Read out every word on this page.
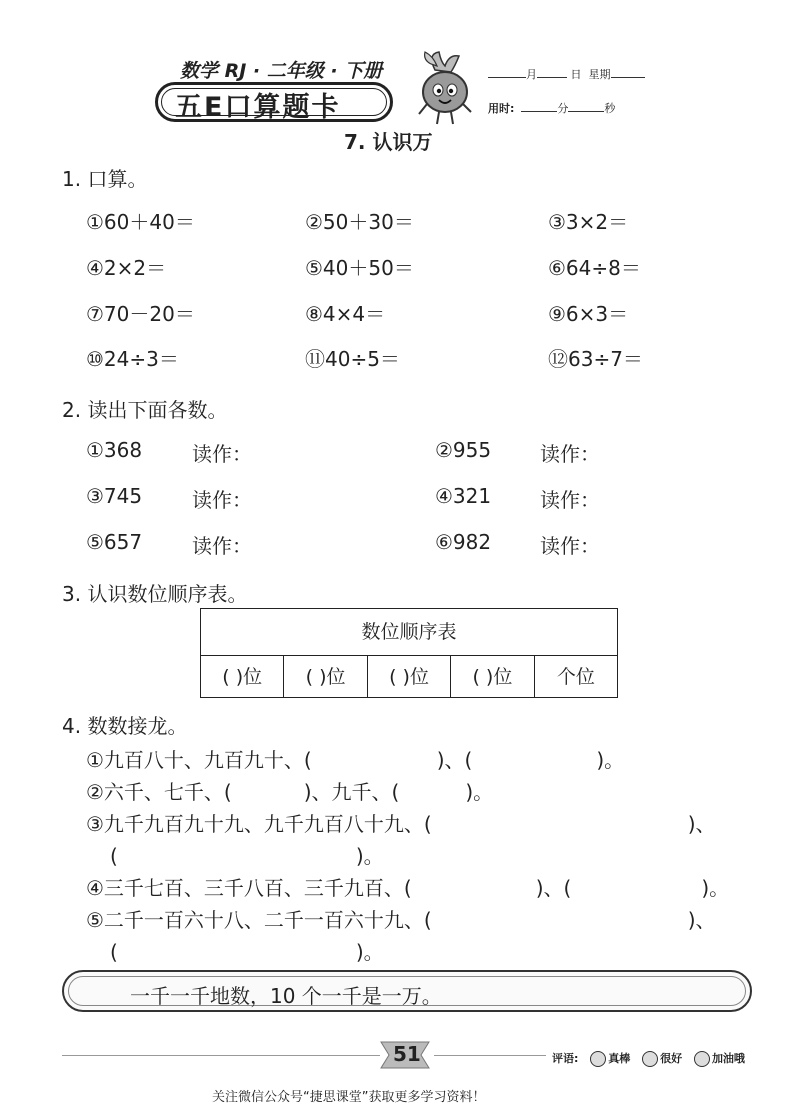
数学 RJ · 二年级 · 下册
五E口算题卡
月	日 星期
用时:	分	秒
7. 认识万
1. 口算。
①60＋40＝	②50＋30＝	③3×2＝
④2×2＝	⑤40＋50＝	⑥64÷8＝
⑦70－20＝	⑧4×4＝	⑨6×3＝
⑩24÷3＝	⑪40÷5＝	⑫63÷7＝
2. 读出下面各数。
①368 读作：	②955 读作：
③745 读作：	④321 读作：
⑤657 读作：	⑥982 读作：
3. 认识数位顺序表。
数位顺序表
( )位	( )位	( )位	( )位	个位
4. 数数接龙。
①九百八十、九百九十、(	)、(	)。
②六千、七千、(	)、九千、(	)。
③九千九百九十九、九千九百八十九、(	)、
(	)。
④三千七百、三千八百、三千九百、(	)、(	)。
⑤二千一百六十八、二千一百六十九、(	)、
(	)。
一千一千地数，10 个一千是一万。
51	评语:	真棒	很好	加油哦
关注微信公众号“捷思课堂”获取更多学习资料！
